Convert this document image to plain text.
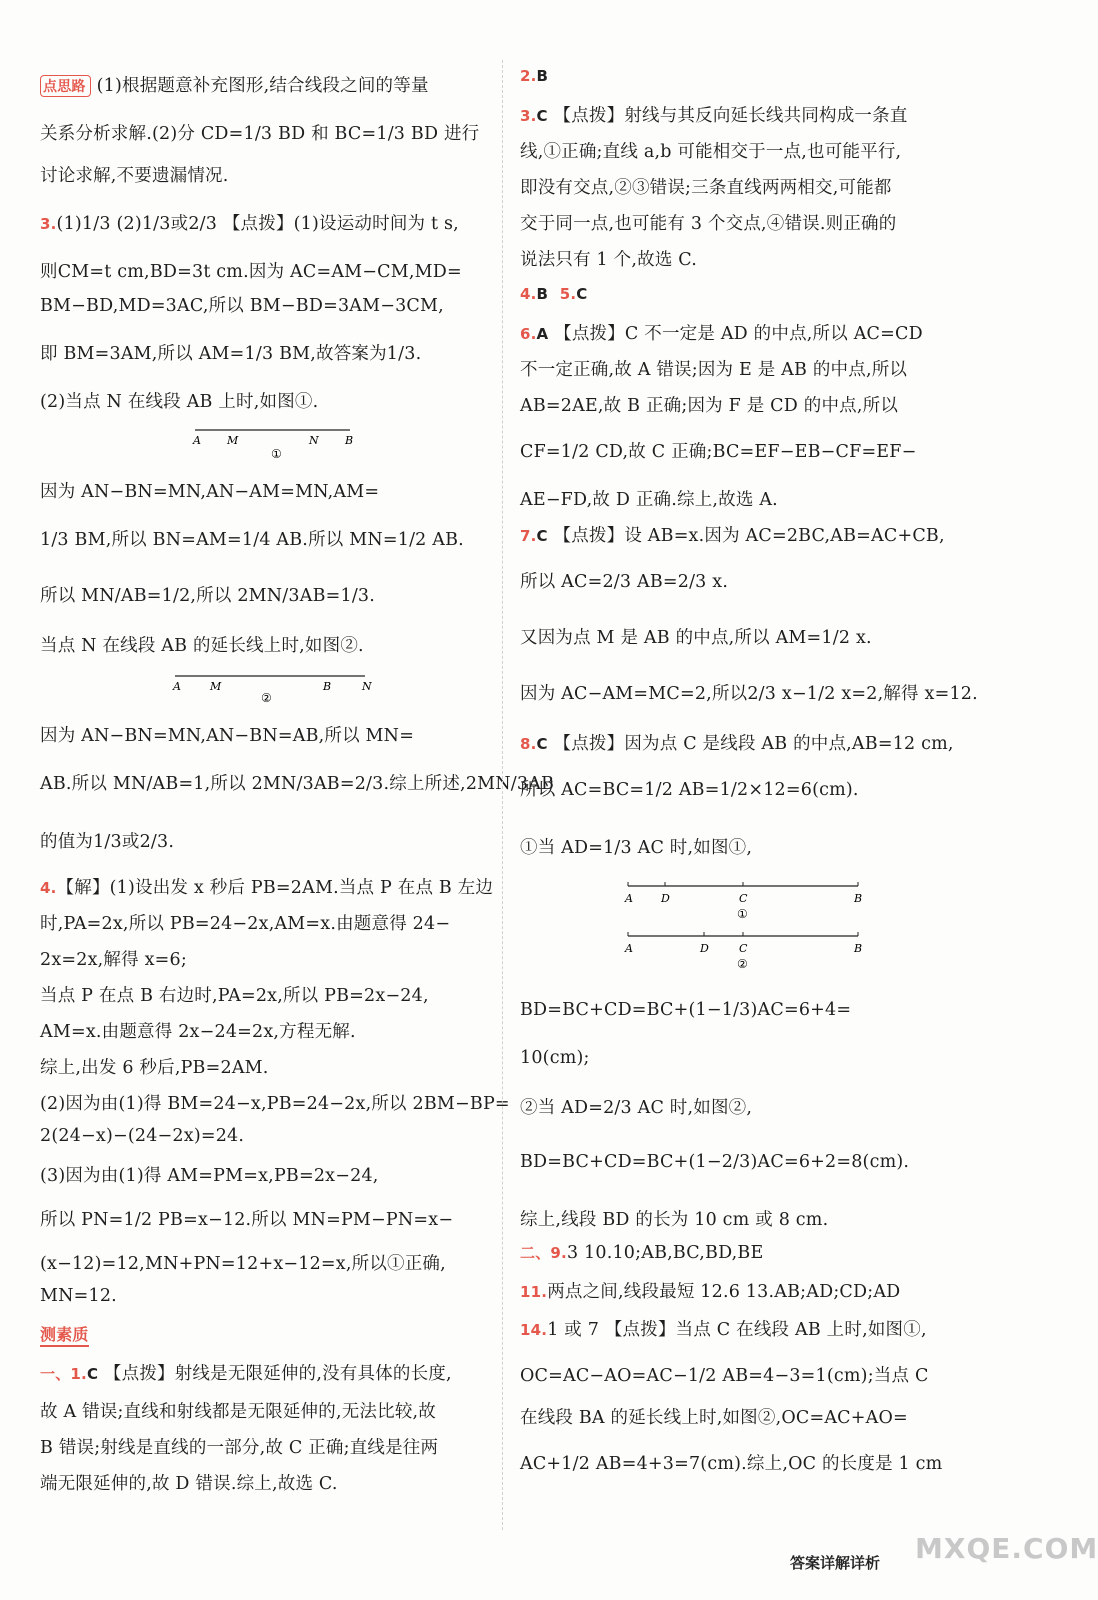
点思路 (1)根据题意补充图形,结合线段之间的等量
关系分析求解.(2)分 CD=1/3 BD 和 BC=1/3 BD 进行
讨论求解,不要遗漏情况.
3.(1)1/3 (2)1/3或2/3 【点拨】(1)设运动时间为 t s,
则CM=t cm,BD=3t cm.因为 AC=AM−CM,MD=
BM−BD,MD=3AC,所以 BM−BD=3AM−3CM,
即 BM=3AM,所以 AM=1/3 BM,故答案为1/3.
(2)当点 N 在线段 AB 上时,如图①.
A M	N B
①
因为 AN−BN=MN,AN−AM=MN,AM=
1/3 BM,所以 BN=AM=1/4 AB.所以 MN=1/2 AB.
所以 MN/AB=1/2,所以 2MN/3AB=1/3.
当点 N 在线段 AB 的延长线上时,如图②.
A	M	B	N
②
因为 AN−BN=MN,AN−BN=AB,所以 MN=
AB.所以 MN/AB=1,所以 2MN/3AB=2/3.综上所述,2MN/3AB
的值为1/3或2/3.
4.【解】(1)设出发 x 秒后 PB=2AM.当点 P 在点 B 左边
时,PA=2x,所以 PB=24−2x,AM=x.由题意得 24−
2x=2x,解得 x=6;
当点 P 在点 B 右边时,PA=2x,所以 PB=2x−24,
AM=x.由题意得 2x−24=2x,方程无解.
综上,出发 6 秒后,PB=2AM.
(2)因为由(1)得 BM=24−x,PB=24−2x,所以 2BM−BP=
2(24−x)−(24−2x)=24.
(3)因为由(1)得 AM=PM=x,PB=2x−24,
所以 PN=1/2 PB=x−12.所以 MN=PM−PN=x−
(x−12)=12,MN+PN=12+x−12=x,所以①正确,
MN=12.
测素质
一、1.C 【点拨】射线是无限延伸的,没有具体的长度,
故 A 错误;直线和射线都是无限延伸的,无法比较,故
B 错误;射线是直线的一部分,故 C 正确;直线是往两
端无限延伸的,故 D 错误.综上,故选 C.
2.B
3.C 【点拨】射线与其反向延长线共同构成一条直
线,①正确;直线 a,b 可能相交于一点,也可能平行,
即没有交点,②③错误;三条直线两两相交,可能都
交于同一点,也可能有 3 个交点,④错误.则正确的
说法只有 1 个,故选 C.
4.B 5.C
6.A 【点拨】C 不一定是 AD 的中点,所以 AC=CD
不一定正确,故 A 错误;因为 E 是 AB 的中点,所以
AB=2AE,故 B 正确;因为 F 是 CD 的中点,所以
CF=1/2 CD,故 C 正确;BC=EF−EB−CF=EF−
AE−FD,故 D 正确.综上,故选 A.
7.C 【点拨】设 AB=x.因为 AC=2BC,AB=AC+CB,
所以 AC=2/3 AB=2/3 x.
又因为点 M 是 AB 的中点,所以 AM=1/2 x.
因为 AC−AM=MC=2,所以2/3 x−1/2 x=2,解得 x=12.
8.C 【点拨】因为点 C 是线段 AB 的中点,AB=12 cm,
所以 AC=BC=1/2 AB=1/2×12=6(cm).
①当 AD=1/3 AC 时,如图①,
A	D	C	B
①
A	D	C	B
②
BD=BC+CD=BC+(1−1/3)AC=6+4=
10(cm);
②当 AD=2/3 AC 时,如图②,
BD=BC+CD=BC+(1−2/3)AC=6+2=8(cm).
综上,线段 BD 的长为 10 cm 或 8 cm.
二、9.3 10.10;AB,BC,BD,BE
11.两点之间,线段最短 12.6 13.AB;AD;CD;AD
14.1 或 7 【点拨】当点 C 在线段 AB 上时,如图①,
OC=AC−AO=AC−1/2 AB=4−3=1(cm);当点 C
在线段 BA 的延长线上时,如图②,OC=AC+AO=
AC+1/2 AB=4+3=7(cm).综上,OC 的长度是 1 cm
答案详解详析 MXQE.COM
